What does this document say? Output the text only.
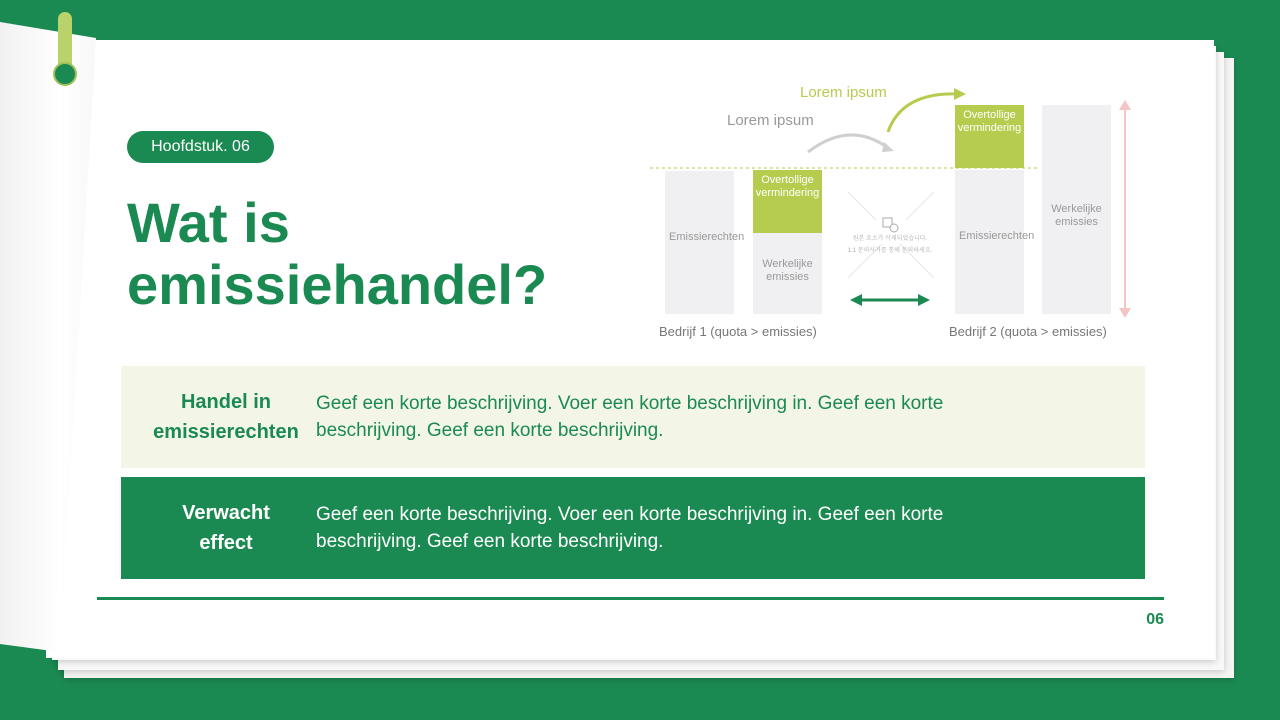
Hoofdstuk. 06
Wat is emissiehandel?
Lorem ipsum
Lorem ipsum
Emissierechten
Overtollige vermindering
Werkelijke emissies
원본 요소가 삭제되었습니다.
1:1 문의사거를 통해 문의하세요.
Overtollige vermindering
Emissierechten
Werkelijke emissies
Bedrijf 1 (quota > emissies)	Bedrijf 2 (quota > emissies)
Handel in emissierechten
Geef een korte beschrijving. Voer een korte beschrijving in. Geef een korte beschrijving. Geef een korte beschrijving.
Verwacht effect
Geef een korte beschrijving. Voer een korte beschrijving in. Geef een korte beschrijving. Geef een korte beschrijving.
06
